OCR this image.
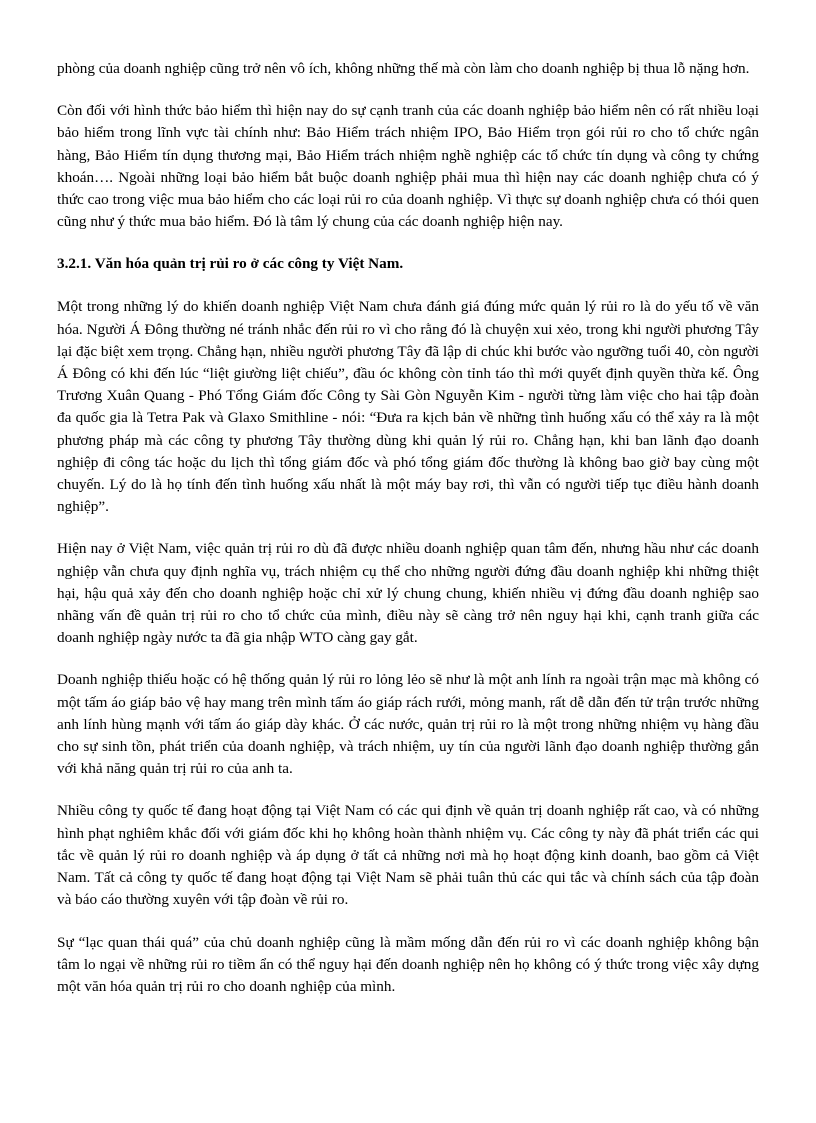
phòng của doanh nghiệp cũng trở nên vô ích, không những thế mà còn làm cho doanh nghiệp bị thua lỗ nặng hơn.

Còn đối với hình thức bảo hiểm thì hiện nay do sự cạnh tranh của các doanh nghiệp bảo hiểm nên có rất nhiều loại bảo hiểm trong lĩnh vực tài chính như: Bảo Hiểm trách nhiệm IPO, Bảo Hiểm trọn gói rủi ro cho tổ chức ngân hàng, Bảo Hiểm tín dụng thương mại, Bảo Hiểm trách nhiệm nghề nghiệp các tổ chức tín dụng và công ty chứng khoán…. Ngoài những loại bảo hiểm bắt buộc doanh nghiệp phải mua thì hiện nay các doanh nghiệp chưa có ý thức cao trong việc mua bảo hiểm cho các loại rủi ro của doanh nghiệp. Vì thực sự doanh nghiệp chưa có thói quen cũng như ý thức mua bảo hiểm. Đó là tâm lý chung của các doanh nghiệp hiện nay.

3.2.1. Văn hóa quản trị rủi ro ở các công ty Việt Nam.

Một trong những lý do khiến doanh nghiệp Việt Nam chưa đánh giá đúng mức quản lý rủi ro là do yếu tố về văn hóa. Người Á Đông thường né tránh nhắc đến rủi ro vì cho rằng đó là chuyện xui xẻo, trong khi người phương Tây lại đặc biệt xem trọng. Chẳng hạn, nhiều người phương Tây đã lập di chúc khi bước vào ngưỡng tuổi 40, còn người Á Đông có khi đến lúc “liệt giường liệt chiếu”, đầu óc không còn tỉnh táo thì mới quyết định quyền thừa kế. Ông Trương Xuân Quang - Phó Tổng Giám đốc Công ty Sài Gòn Nguyễn Kim - người từng làm việc cho hai tập đoàn đa quốc gia là Tetra Pak và Glaxo Smithline - nói: “Đưa ra kịch bản về những tình huống xấu có thể xảy ra là một phương pháp mà các công ty phương Tây thường dùng khi quản lý rủi ro. Chẳng hạn, khi ban lãnh đạo doanh nghiệp đi công tác hoặc du lịch thì tổng giám đốc và phó tổng giám đốc thường là không bao giờ bay cùng một chuyến. Lý do là họ tính đến tình huống xấu nhất là một máy bay rơi, thì vẫn có người tiếp tục điều hành doanh nghiệp”.

Hiện nay ở Việt Nam, việc quản trị rủi ro dù đã được nhiều doanh nghiệp quan tâm đến, nhưng hầu như các doanh nghiệp vẫn chưa quy định nghĩa vụ, trách nhiệm cụ thể cho những người đứng đầu doanh nghiệp khi những thiệt hại, hậu quả xảy đến cho doanh nghiệp hoặc chỉ xử lý chung chung, khiến nhiều vị đứng đầu doanh nghiệp sao nhãng vấn đề quản trị rủi ro cho tổ chức của mình, điều này sẽ càng trở nên nguy hại khi, cạnh tranh giữa các doanh nghiệp ngày nước ta đã gia nhập WTO càng gay gắt.

Doanh nghiệp thiếu hoặc có hệ thống quản lý rủi ro lỏng lẻo sẽ như là một anh lính ra ngoài trận mạc mà không có một tấm áo giáp bảo vệ hay mang trên mình tấm áo giáp rách rưới, mỏng manh, rất dễ dẫn đến tử trận trước những anh lính hùng mạnh với tấm áo giáp dày khác. Ở các nước, quản trị rủi ro là một trong những nhiệm vụ hàng đầu cho sự sinh tồn, phát triển của doanh nghiệp, và trách nhiệm, uy tín của người lãnh đạo doanh nghiệp thường gắn với khả năng quản trị rủi ro của anh ta.

Nhiều công ty quốc tế đang hoạt động tại Việt Nam có các qui định về quản trị doanh nghiệp rất cao, và có những hình phạt nghiêm khắc đối với giám đốc khi họ không hoàn thành nhiệm vụ. Các công ty này đã phát triển các qui tắc về quản lý rủi ro doanh nghiệp và áp dụng ở tất cả những nơi mà họ hoạt động kinh doanh, bao gồm cả Việt Nam. Tất cả công ty quốc tế đang hoạt động tại Việt Nam sẽ phải tuân thủ các qui tắc và chính sách của tập đoàn và báo cáo thường xuyên với tập đoàn về rủi ro.

Sự “lạc quan thái quá” của chủ doanh nghiệp cũng là mầm mống dẫn đến rủi ro vì các doanh nghiệp không bận tâm lo ngại về những rủi ro tiềm ẩn có thể nguy hại đến doanh nghiệp nên họ không có ý thức trong việc xây dựng một văn hóa quản trị rủi ro cho doanh nghiệp của mình.
